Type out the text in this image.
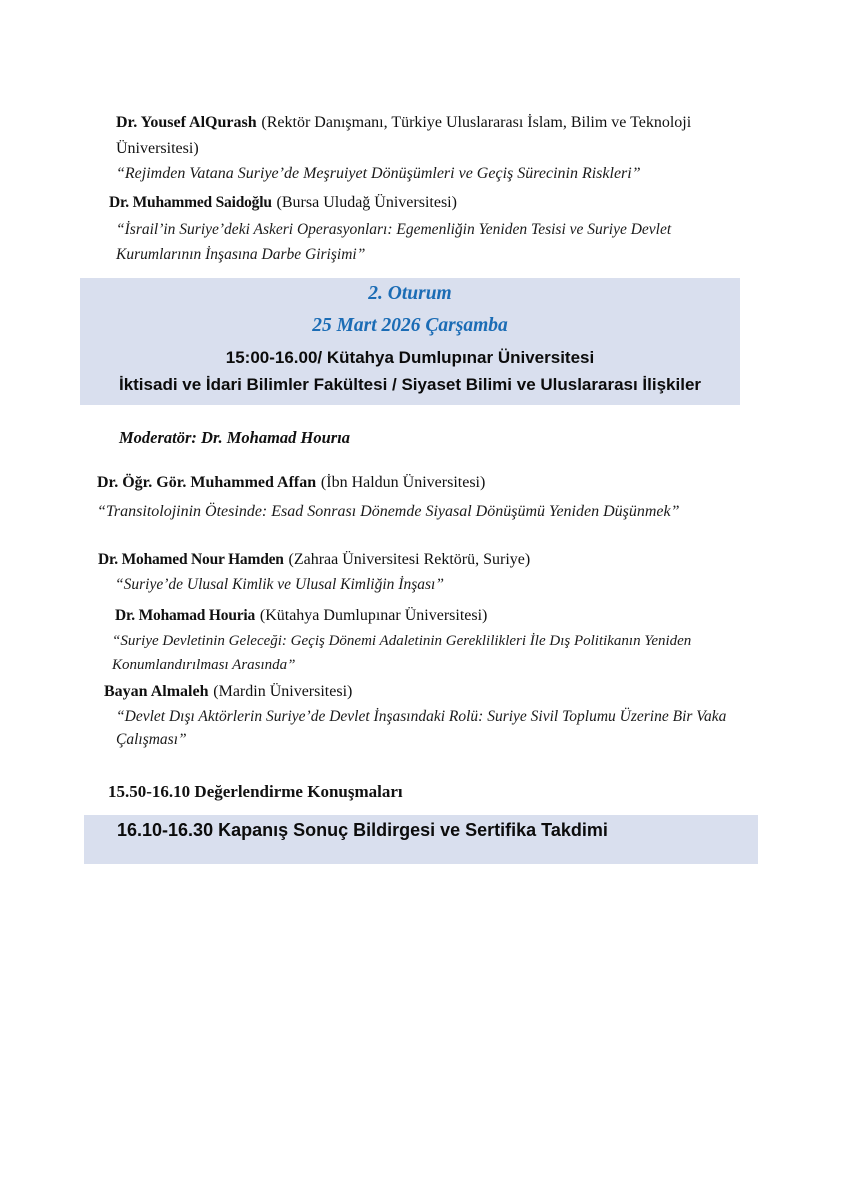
Dr. Yousef AlQurash (Rektör Danışmanı, Türkiye Uluslararası İslam, Bilim ve Teknoloji Üniversitesi)

“Rejimden Vatana Suriye’de Meşruiyet Dönüşümleri ve Geçiş Sürecinin Riskleri”

Dr. Muhammed Saidoğlu (Bursa Uludağ Üniversitesi)

“İsrail’in Suriye’deki Askeri Operasyonları: Egemenliğin Yeniden Tesisi ve Suriye Devlet Kurumlarının İnşasına Darbe Girişimi”

2. Oturum
25 Mart 2026 Çarşamba
15:00-16.00/ Kütahya Dumlupınar Üniversitesi
İktisadi ve İdari Bilimler Fakültesi / Siyaset Bilimi ve Uluslararası İlişkiler

Moderatör: Dr. Mohamad Hourıa

Dr. Öğr. Gör. Muhammed Affan (İbn Haldun Üniversitesi)

“Transitolojinin Ötesinde: Esad Sonrası Dönemde Siyasal Dönüşümü Yeniden Düşünmek”

Dr. Mohamed Nour Hamden (Zahraa Üniversitesi Rektörü, Suriye)

“Suriye’de Ulusal Kimlik ve Ulusal Kimliğin İnşası”

Dr. Mohamad Houria (Kütahya Dumlupınar Üniversitesi)

“Suriye Devletinin Geleceği: Geçiş Dönemi Adaletinin Gereklilikleri İle Dış Politikanın Yeniden Konumlandırılması Arasında”

Bayan Almaleh (Mardin Üniversitesi)

“Devlet Dışı Aktörlerin Suriye’de Devlet İnşasındaki Rolü: Suriye Sivil Toplumu Üzerine Bir Vaka Çalışması”

15.50-16.10 Değerlendirme Konuşmaları

16.10-16.30 Kapanış Sonuç Bildirgesi ve Sertifika Takdimi
